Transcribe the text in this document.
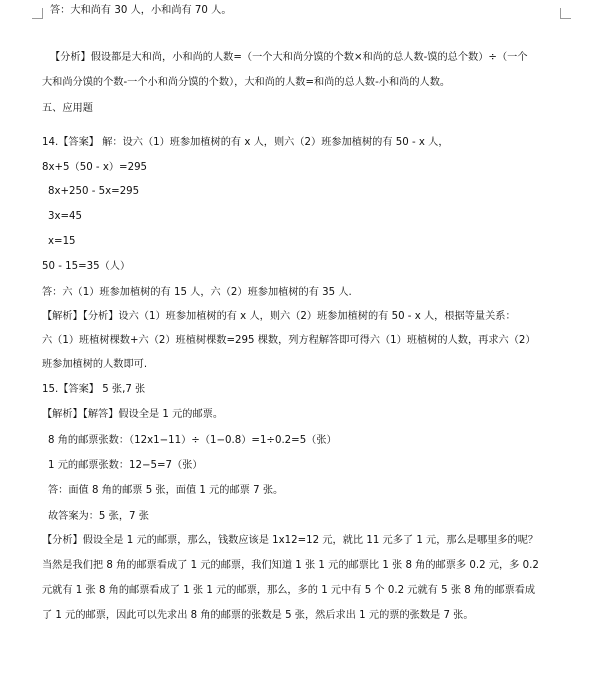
答：大和尚有 30 人，小和尚有 70 人。
【分析】假设都是大和尚，小和尚的人数=（一个大和尚分馍的个数×和尚的总人数-馍的总个数）÷（一个
大和尚分馍的个数-一个小和尚分馍的个数），大和尚的人数=和尚的总人数-小和尚的人数。
五、应用题
14.【答案】 解：设六（1）班参加植树的有 x 人，则六（2）班参加植树的有 50 - x 人，
8x+5（50 - x）=295
8x+250 - 5x=295
3x=45
x=15
50 - 15=35（人）
答：六（1）班参加植树的有 15 人，六（2）班参加植树的有 35 人.
【解析】【分析】设六（1）班参加植树的有 x 人，则六（2）班参加植树的有 50 - x 人，根据等量关系：
六（1）班植树棵数+六（2）班植树棵数=295 棵数，列方程解答即可得六（1）班植树的人数，再求六（2）
班参加植树的人数即可.
15.【答案】 5 张,7 张
【解析】【解答】假设全是 1 元的邮票。
8 角的邮票张数：（12x1−11）÷（1−0.8）=1÷0.2=5（张）
1 元的邮票张数：12−5=7（张）
答：面值 8 角的邮票 5 张，面值 1 元的邮票 7 张。
故答案为：5 张，7 张
【分析】假设全是 1 元的邮票，那么，钱数应该是 1x12=12 元，就比 11 元多了 1 元，那么是哪里多的呢？
当然是我们把 8 角的邮票看成了 1 元的邮票，我们知道 1 张 1 元的邮票比 1 张 8 角的邮票多 0.2 元，多 0.2
元就有 1 张 8 角的邮票看成了 1 张 1 元的邮票，那么，多的 1 元中有 5 个 0.2 元就有 5 张 8 角的邮票看成
了 1 元的邮票，因此可以先求出 8 角的邮票的张数是 5 张，然后求出 1 元的票的张数是 7 张。
